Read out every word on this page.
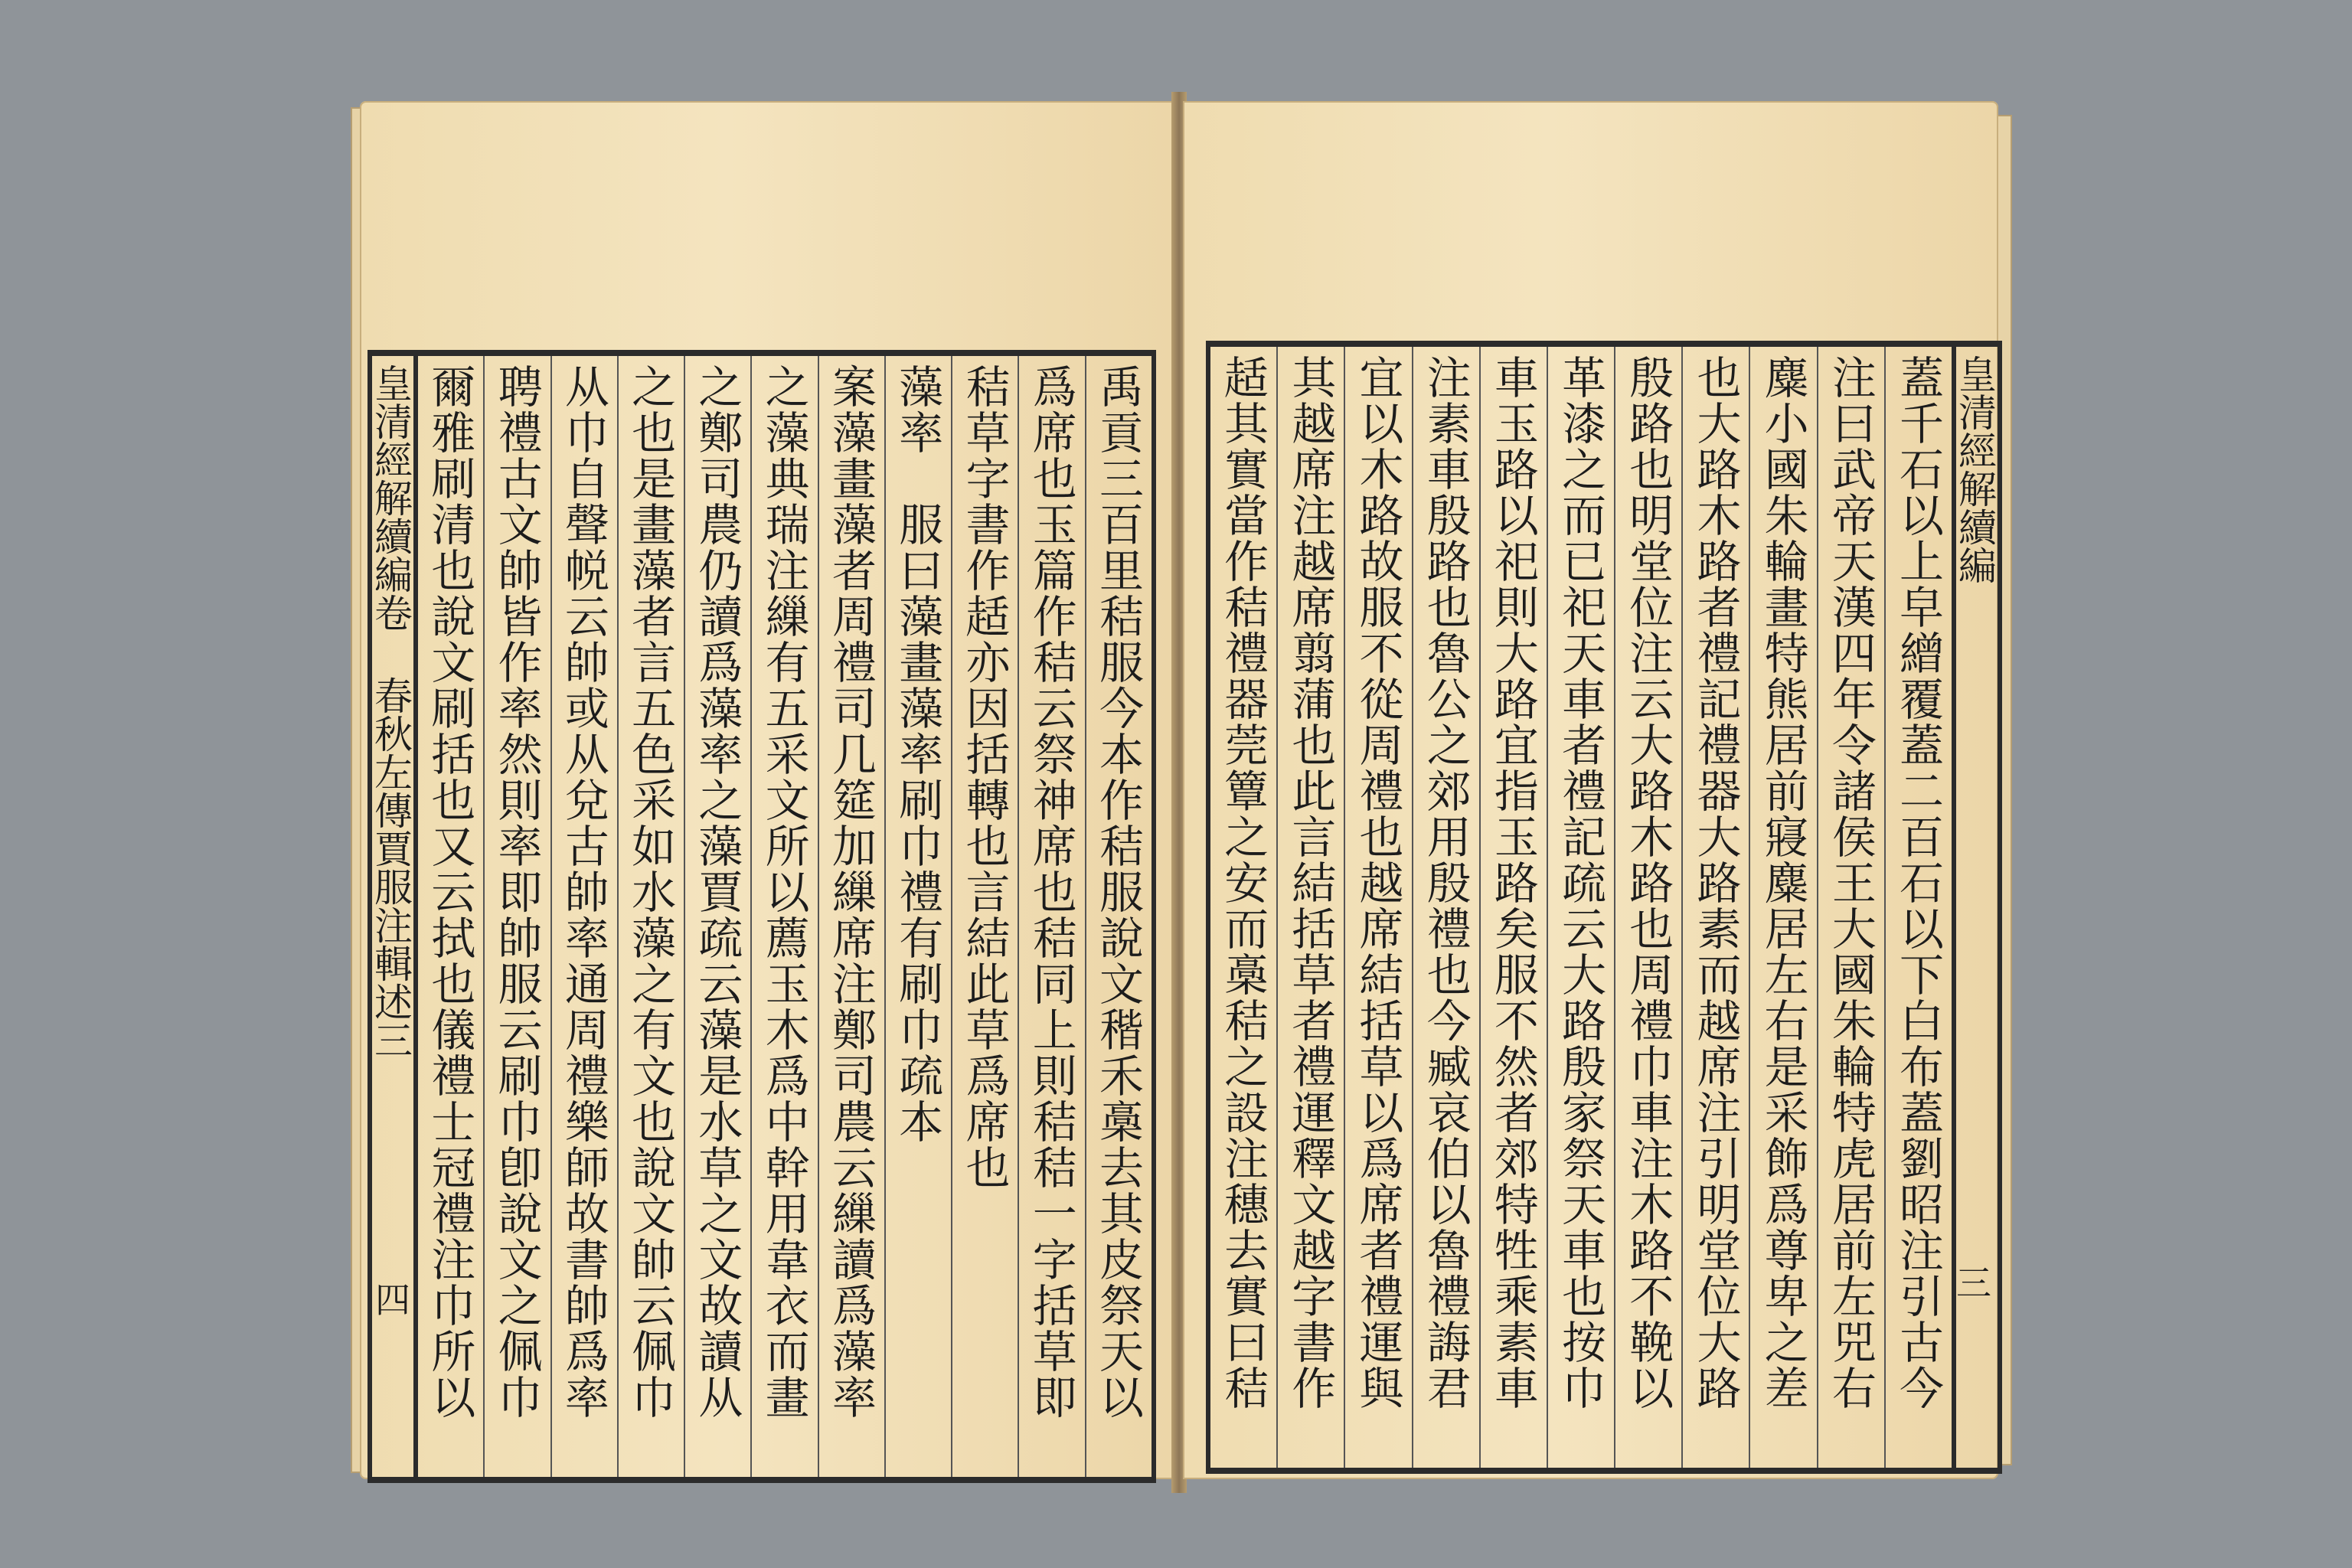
禹貢三百里秸服今本作秸服說文稭禾槀去其皮祭天以
爲席也玉篇作秸云祭神席也秸同上則秸秸一字括草即
秸草字書作趏亦因括轉也言結此草爲席也
藻率　服曰藻畫藻率刷巾禮有刷巾疏本
案藻畫藻者周禮司几筵加繅席注鄭司農云繅讀爲藻率
之藻典瑞注繅有五采文所以薦玉木爲中幹用韋衣而畫
之鄭司農仍讀爲藻率之藻賈疏云藻是水草之文故讀从
之也是畫藻者言五色采如水藻之有文也說文帥云佩巾
从巾自聲帨云帥或从兌古帥率通周禮樂師故書帥爲率
聘禮古文帥皆作率然則率即帥服云刷巾卽說文之佩巾
爾雅刷清也說文刷括也又云拭也儀禮士冠禮注巾所以
皇清經解續編卷 春秋左傳賈服注輯述三
四	蓋千石以上皁繒覆蓋二百石以下白布蓋劉昭注引古今
注曰武帝天漢四年令諸侯王大國朱輪特虎居前左兕右
麋小國朱輪畫特熊居前寢麋居左右是采飾爲尊卑之差
也大路木路者禮記禮器大路素而越席注引明堂位大路
殷路也明堂位注云大路木路也周禮巾車注木路不鞔以
革漆之而已祀天車者禮記疏云大路殷家祭天車也按巾
車玉路以祀則大路宜指玉路矣服不然者郊特牲乘素車
注素車殷路也魯公之郊用殷禮也今臧哀伯以魯禮誨君
宜以木路故服不從周禮也越席結括草以爲席者禮運與
其越席注越席翦蒲也此言結括草者禮運釋文越字書作
趏其實當作秸禮器莞簟之安而槀秸之設注穗去實曰秸	皇清經解續編
三
